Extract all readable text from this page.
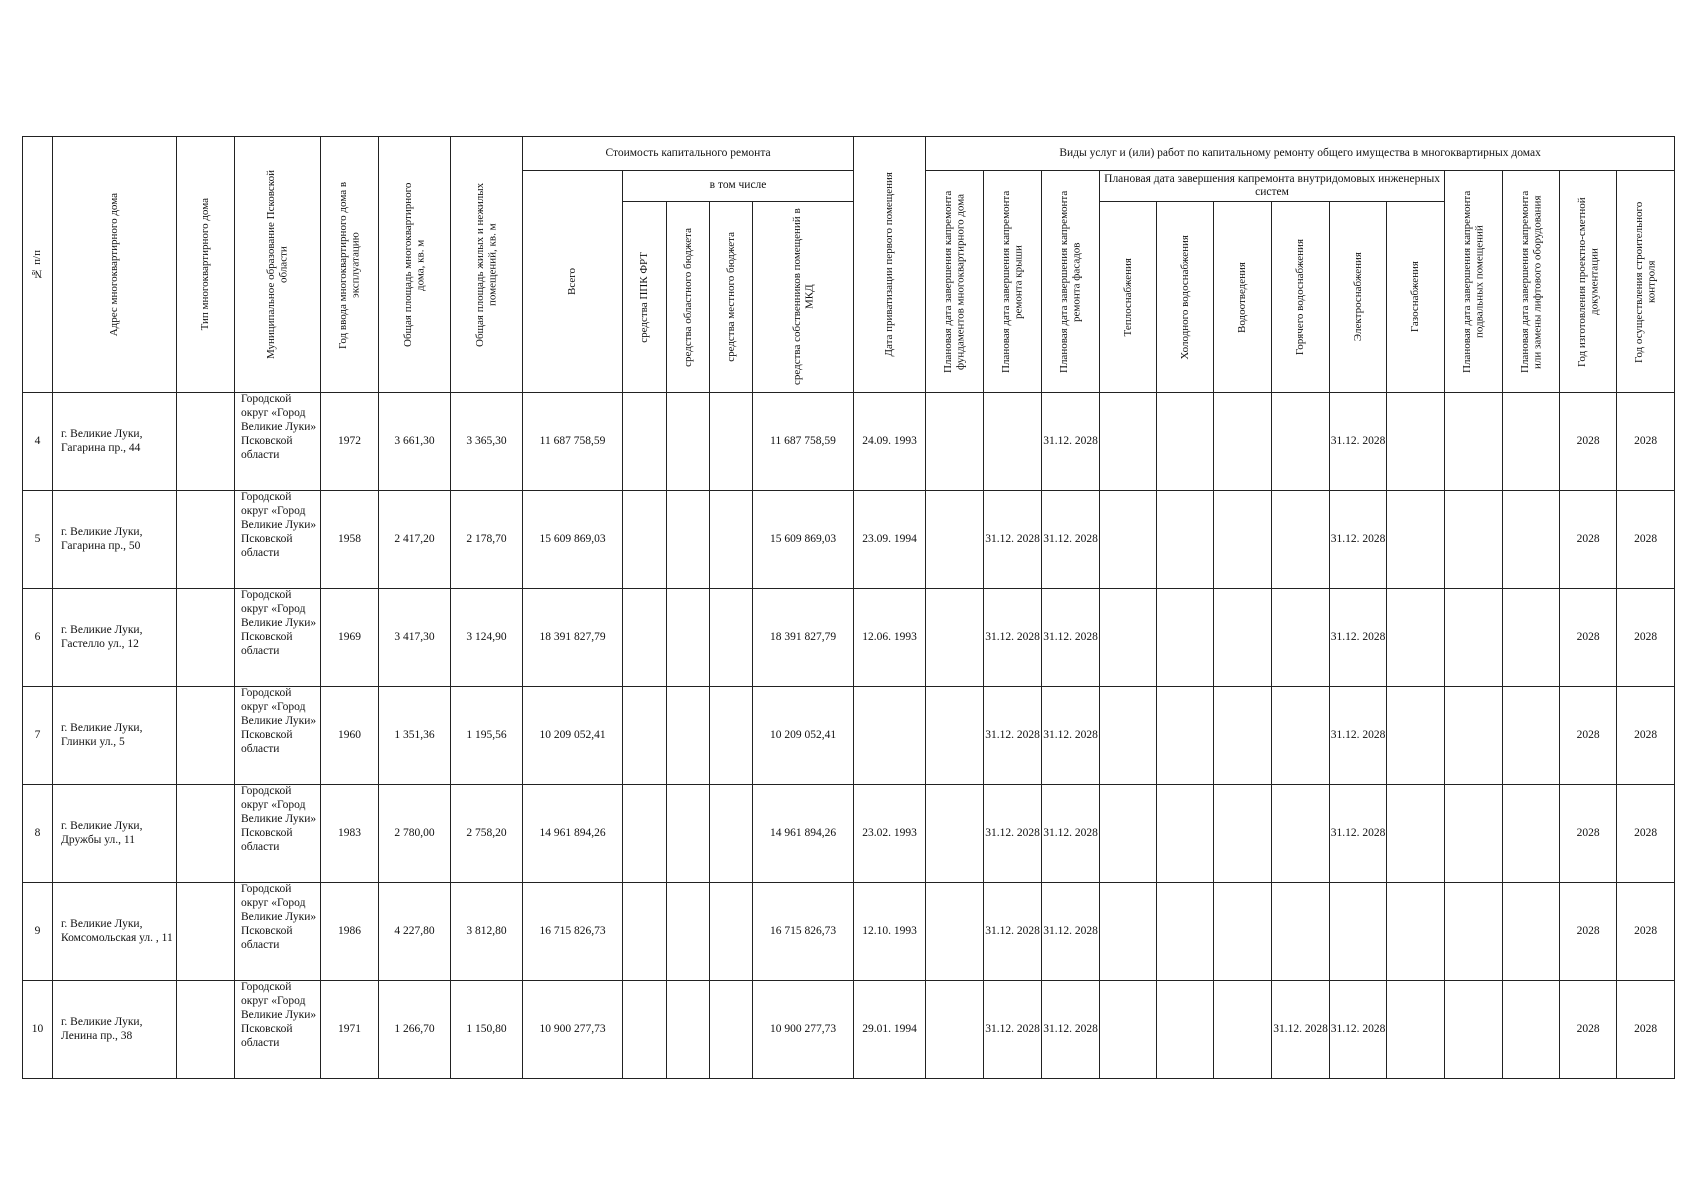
№ п/п	Адрес многоквартирного дома	Тип многоквартирного дома	Муниципальное образование Псковской области	Год ввода многоквартирного дома в эксплуатацию	Общая площадь многоквартирного дома, кв. м	Общая площадь жилых и нежилых помещений, кв. м	Стоимость капитального ремонта					Дата приватизации первого помещения	Виды услуг и (или) работ по капитальному ремонту общего имущества в многоквартирных домах												

							Всего	в том числе					Плановая дата завершения капремонта фундаментов многоквартирного дома	Плановая дата завершения капремонта ремонта крыши	Плановая дата завершения капремонта ремонта фасадов	Плановая дата завершения капремонта внутридомовых инженерных систем						Плановая дата завершения капремонта подвальных помещений	Плановая дата завершения капремонта или замены лифтового оборудования	Год изготовления проектно-сметной документации	Год осуществления строительного контроля

								средства ППК ФРТ	средства областного бюджета	средства местного бюджета	средства собственников помещений в МКД					Теплоснабжения	Холодного водоснабжения	Водоотведения	Горячего водоснабжения	Электроснабжения	Газоснабжения				

4	г. Великие Луки, Гагарина пр., 44		Городской округ «Город Великие Луки» Псковской области	1972	3 661,30	3 365,30	11 687 758,59				11 687 758,59	24.09. 1993			31.12. 2028					31.12. 2028				2028	2028
5	г. Великие Луки, Гагарина пр., 50		Городской округ «Город Великие Луки» Псковской области	1958	2 417,20	2 178,70	15 609 869,03				15 609 869,03	23.09. 1994		31.12. 2028	31.12. 2028					31.12. 2028				2028	2028
6	г. Великие Луки, Гастелло ул., 12		Городской округ «Город Великие Луки» Псковской области	1969	3 417,30	3 124,90	18 391 827,79				18 391 827,79	12.06. 1993		31.12. 2028	31.12. 2028					31.12. 2028				2028	2028
7	г. Великие Луки, Глинки ул., 5		Городской округ «Город Великие Луки» Псковской области	1960	1 351,36	1 195,56	10 209 052,41				10 209 052,41			31.12. 2028	31.12. 2028					31.12. 2028				2028	2028
8	г. Великие Луки, Дружбы ул., 11		Городской округ «Город Великие Луки» Псковской области	1983	2 780,00	2 758,20	14 961 894,26				14 961 894,26	23.02. 1993		31.12. 2028	31.12. 2028					31.12. 2028				2028	2028
9	г. Великие Луки, Комсомольская ул. , 11		Городской округ «Город Великие Луки» Псковской области	1986	4 227,80	3 812,80	16 715 826,73				16 715 826,73	12.10. 1993		31.12. 2028	31.12. 2028									2028	2028
10	г. Великие Луки, Ленина пр., 38		Городской округ «Город Великие Луки» Псковской области	1971	1 266,70	1 150,80	10 900 277,73				10 900 277,73	29.01. 1994		31.12. 2028	31.12. 2028				31.12. 2028	31.12. 2028				2028	2028
